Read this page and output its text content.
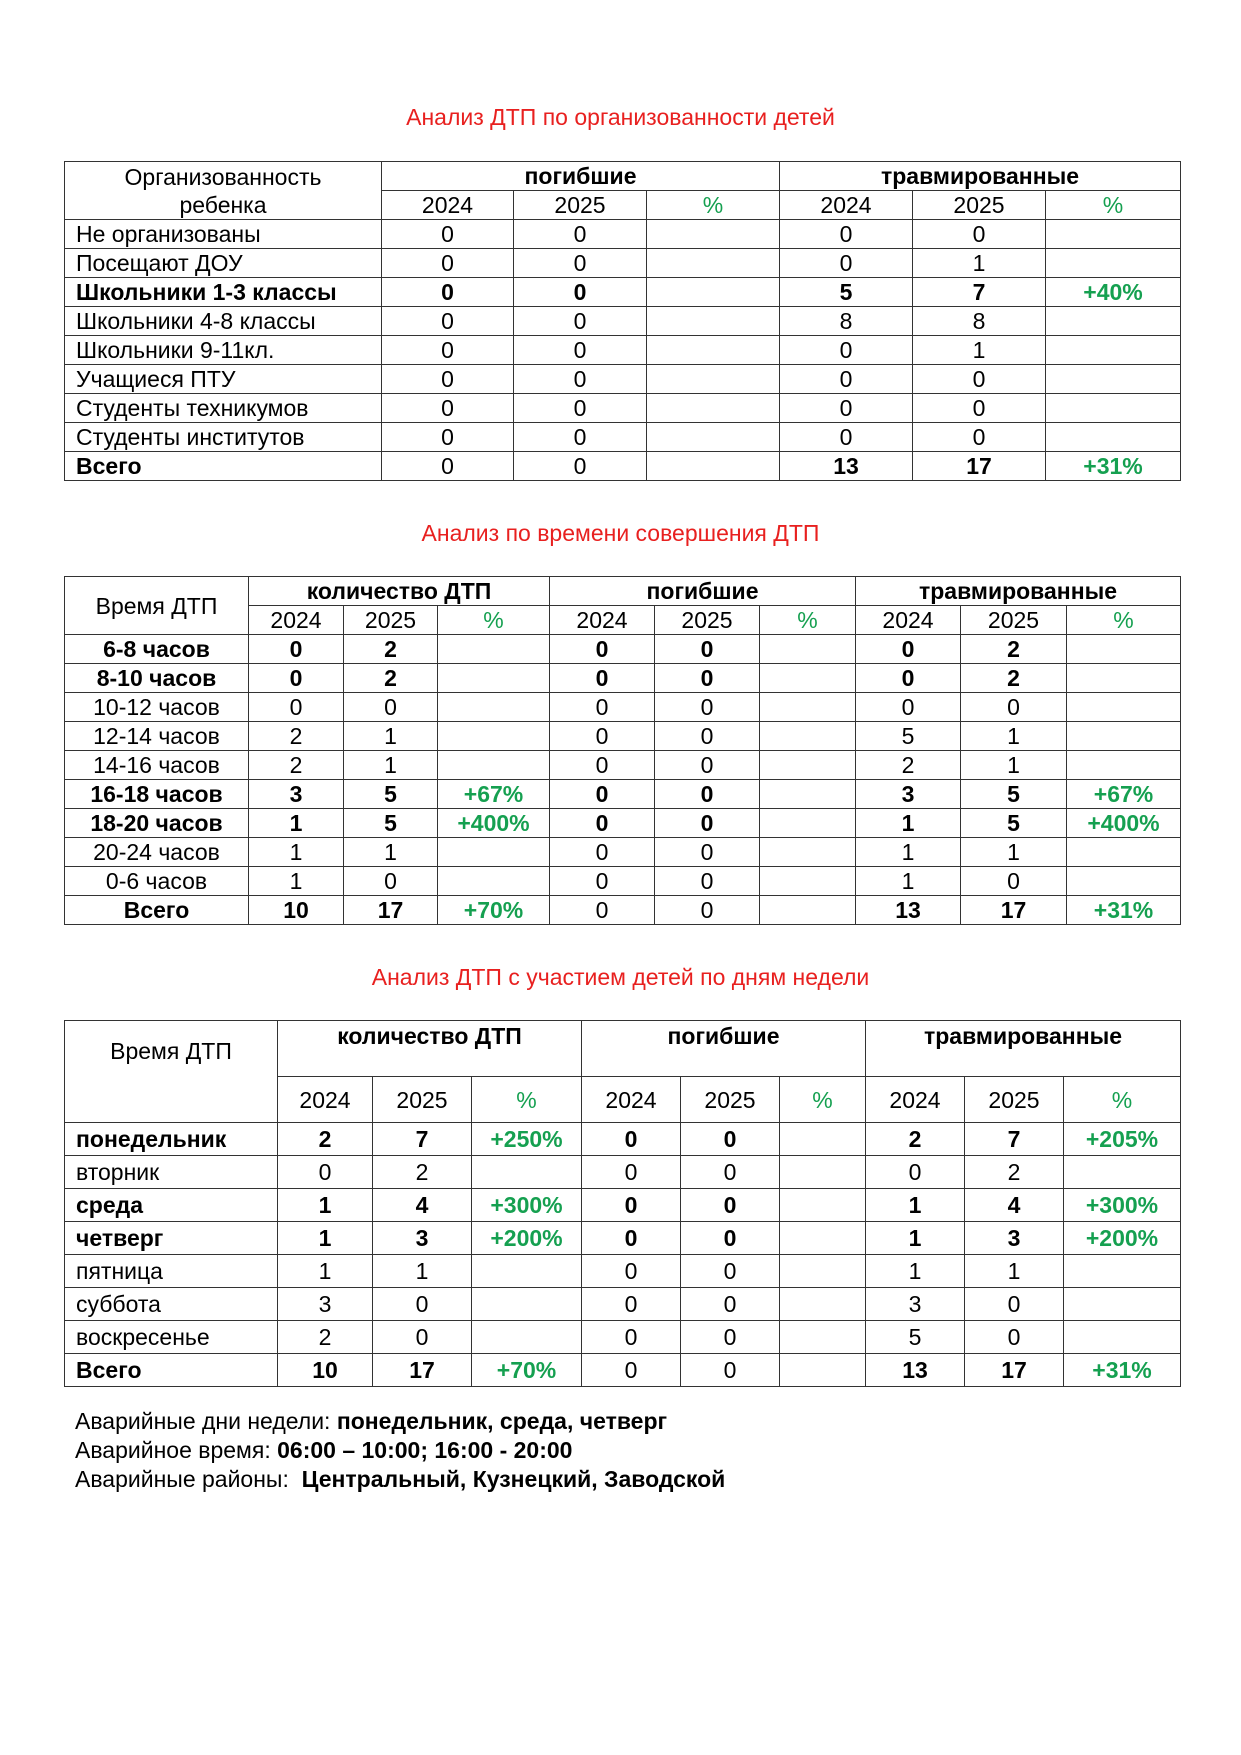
Анализ ДТП по организованности детей
Организованность ребенка	погибшие			травмированные		
	2024	2025	%	2024	2025	%
Не организованы	0	0		0	0	
Посещают ДОУ	0	0		0	1	
Школьники 1-3 классы	0	0		5	7	+40%
Школьники 4-8 классы	0	0		8	8	
Школьники 9-11кл.	0	0		0	1	
Учащиеся ПТУ	0	0		0	0	
Студенты техникумов	0	0		0	0	
Студенты институтов	0	0		0	0	
Всего	0	0		13	17	+31%
Анализ по времени совершения ДТП
Время ДТП	количество ДТП			погибшие			травмированные		
	2024	2025	%	2024	2025	%	2024	2025	%
6-8 часов	0	2		0	0		0	2	
8-10 часов	0	2		0	0		0	2	
10-12 часов	0	0		0	0		0	0	
12-14 часов	2	1		0	0		5	1	
14-16 часов	2	1		0	0		2	1	
16-18 часов	3	5	+67%	0	0		3	5	+67%
18-20 часов	1	5	+400%	0	0		1	5	+400%
20-24 часов	1	1		0	0		1	1	
0-6 часов	1	0		0	0		1	0	
Всего	10	17	+70%	0	0		13	17	+31%
Анализ ДТП с участием детей по дням недели
Время ДТП	количество ДТП			погибшие			травмированные		
	2024	2025	%	2024	2025	%	2024	2025	%
понедельник	2	7	+250%	0	0		2	7	+205%
вторник	0	2		0	0		0	2	
среда	1	4	+300%	0	0		1	4	+300%
четверг	1	3	+200%	0	0		1	3	+200%
пятница	1	1		0	0		1	1	
суббота	3	0		0	0		3	0	
воскресенье	2	0		0	0		5	0	
Всего	10	17	+70%	0	0		13	17	+31%
Аварийные дни недели: понедельник, среда, четверг
Аварийное время: 06:00 – 10:00; 16:00 - 20:00
Аварийные районы:  Центральный, Кузнецкий, Заводской
